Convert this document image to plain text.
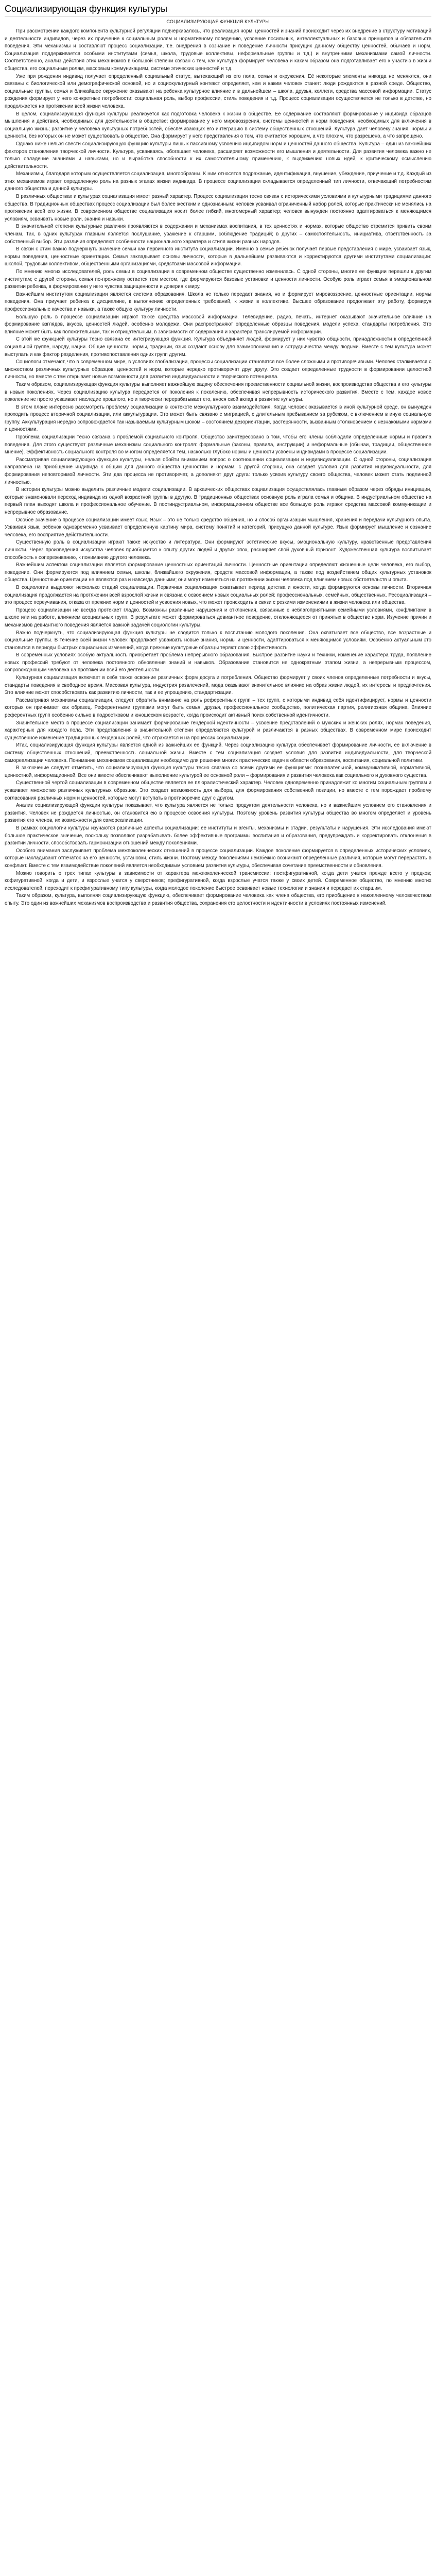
Социализирующая функция культуры
СОЦИАЛИЗИРУЮЩАЯ ФУНКЦИЯ КУЛЬТУРЫ

При рассмотрении каждого компонента культурной регуляции подчеркивалось, что реализация норм, ценностей и знаний происходит через их внедрение в структуру мотиваций и деятельности индивидов, через их приучение к социальным ролям и нормативному поведению, усвоение посильных, интеллектуальных и базовых принципов и обязательств поведения. Эти механизмы и составляют процесс социализации, т.е. внедрения в сознание и поведение личности присущих данному обществу ценностей, обычаев и норм. Социализация поддерживается особыми институтами (семья, школа, трудовые коллективы, неформальные группы и т.д.) и внутренними механизмами самой личности. Соответственно, анализ действия этих механизмов в большой степени связан с тем, как культура формирует человека и каким образом она подготавливает его к участию в жизни общества, его социальным ролям, массовым коммуникациям, системе этических ценностей и т.д.

Уже при рождении индивид получает определенный социальный статус, вытекающий из его пола, семьи и окружения. Её некоторые элементы никогда не меняются, они связаны с биологической или демографической основой, но и социокультурный контекст определяет, кем и каким человек станет: люди рождаются в разной среде. Общество, социальные группы, семья и ближайшее окружение оказывают на ребенка культурное влияние и в дальнейшем – школа, друзья, коллеги, средства массовой информации. Статус рождения формирует у него конкретные потребности: социальная роль, выбор профессии, стиль поведения и т.д. Процесс социализации осуществляется не только в детстве, но продолжается на протяжении всей жизни человека.

В целом, социализирующая функция культуры реализуется как подготовка человека к жизни в обществе. Ее содержание составляют формирование у индивида образцов мышления и действия, необходимых для деятельности в обществе; формирование у него мировоззрения, системы ценностей и норм поведения, необходимых для включения в социальную жизнь; развитие у человека культурных потребностей, обеспечивающих его интеграцию в систему общественных отношений. Культура дает человеку знания, нормы и ценности, без которых он не может существовать в обществе. Она формирует у него представления о том, что считается хорошим, а что плохим, что разрешено, а что запрещено.

Однако ниже нельзя свести социализирующую функцию культуры лишь к пассивному усвоению индивидом норм и ценностей данного общества. Культура – один из важнейших факторов становления творческой личности. Культура, усваиваясь, обогащает человека, расширяет возможности его мышления и деятельности. Для развития человека важно не только овладение знаниями и навыками, но и выработка способности к их самостоятельному применению, к выдвижению новых идей, к критическому осмыслению действительности.

Механизмы, благодаря которым осуществляется социализация, многообразны. К ним относятся подражание, идентификация, внушение, убеждение, приучение и т.д. Каждый из этих механизмов играет определенную роль на разных этапах жизни индивида. В процессе социализации складывается определенный тип личности, отвечающий потребностям данного общества и данной культуры.

В различных обществах и культурах социализация имеет разный характер. Процесс социализации тесно связан с историческими условиями и культурными традициями данного общества. В традиционных обществах процесс социализации был более жестким и однозначным: человек усваивал ограниченный набор ролей, которые практически не менялись на протяжении всей его жизни. В современном обществе социализация носит более гибкий, многомерный характер; человек вынужден постоянно адаптироваться к меняющимся условиям, осваивать новые роли, знания и навыки.

В значительной степени культурные различия проявляются в содержании и механизмах воспитания, в тех ценностях и нормах, которые общество стремится привить своим членам. Так, в одних культурах главным является послушание, уважение к старшим, соблюдение традиций; в других – самостоятельность, инициатива, ответственность за собственный выбор. Эти различия определяют особенности национального характера и стиля жизни разных народов.

В связи с этим важно подчеркнуть значение семьи как первичного института социализации. Именно в семье ребенок получает первые представления о мире, усваивает язык, нормы поведения, ценностные ориентации. Семья закладывает основы личности, которые в дальнейшем развиваются и корректируются другими институтами социализации: школой, трудовым коллективом, общественными организациями, средствами массовой информации.

По мнению многих исследователей, роль семьи в социализации в современном обществе существенно изменилась. С одной стороны, многие ее функции перешли к другим институтам; с другой стороны, семья по-прежнему остается тем местом, где формируются базовые установки и ценности личности. Особую роль играет семья в эмоциональном развитии ребенка, в формировании у него чувства защищенности и доверия к миру.

Важнейшим институтом социализации является система образования. Школа не только передает знания, но и формирует мировоззрение, ценностные ориентации, нормы поведения. Она приучает ребенка к дисциплине, к выполнению определенных требований, к жизни в коллективе. Высшее образование продолжает эту работу, формируя профессиональные качества и навыки, а также общую культуру личности.

Большую роль в процессе социализации играют также средства массовой информации. Телевидение, радио, печать, интернет оказывают значительное влияние на формирование взглядов, вкусов, ценностей людей, особенно молодежи. Они распространяют определенные образцы поведения, модели успеха, стандарты потребления. Это влияние может быть как положительным, так и отрицательным, в зависимости от содержания и характера транслируемой информации.

С этой же функцией культуры тесно связана ее интегрирующая функция. Культура объединяет людей, формирует у них чувство общности, принадлежности к определенной социальной группе, народу, нации. Общие ценности, нормы, традиции, язык создают основу для взаимопонимания и сотрудничества между людьми. Вместе с тем культура может выступать и как фактор разделения, противопоставления одних групп другим.

Социологи отмечают, что в современном мире, в условиях глобализации, процессы социализации становятся все более сложными и противоречивыми. Человек сталкивается с множеством различных культурных образцов, ценностей и норм, которые нередко противоречат друг другу. Это создает определенные трудности в формировании целостной личности, но вместе с тем открывает новые возможности для развития индивидуальности и творческого потенциала.

Таким образом, социализирующая функция культуры выполняет важнейшую задачу обеспечения преемственности социальной жизни, воспроизводства общества и его культуры в новых поколениях. Через социализацию культура передается от поколения к поколению, обеспечивая непрерывность исторического развития. Вместе с тем, каждое новое поколение не просто усваивает наследие прошлого, но и творчески перерабатывает его, внося свой вклад в развитие культуры.

В этом плане интересно рассмотреть проблему социализации в контексте межкультурного взаимодействия. Когда человек оказывается в иной культурной среде, он вынужден проходить процесс вторичной социализации, или аккультурации. Это может быть связано с миграцией, с длительным пребыванием за рубежом, с включением в иную социальную группу. Аккультурация нередко сопровождается так называемым культурным шоком – состоянием дезориентации, растерянности, вызванным столкновением с незнакомыми нормами и ценностями.

Проблема социализации тесно связана с проблемой социального контроля. Общество заинтересовано в том, чтобы его члены соблюдали определенные нормы и правила поведения. Для этого существуют различные механизмы социального контроля: формальные (законы, правила, инструкции) и неформальные (обычаи, традиции, общественное мнение). Эффективность социального контроля во многом определяется тем, насколько глубоко нормы и ценности усвоены индивидами в процессе социализации.

Рассматривая социализирующую функцию культуры, нельзя обойти вниманием вопрос о соотношении социализации и индивидуализации. С одной стороны, социализация направлена на приобщение индивида к общим для данного общества ценностям и нормам; с другой стороны, она создает условия для развития индивидуальности, для формирования неповторимой личности. Эти два процесса не противоречат, а дополняют друг друга: только усвоив культуру своего общества, человек может стать подлинной личностью.

В истории культуры можно выделить различные модели социализации. В архаических обществах социализация осуществлялась главным образом через обряды инициации, которые знаменовали переход индивида из одной возрастной группы в другую. В традиционных обществах основную роль играла семья и община. В индустриальном обществе на первый план выходят школа и профессиональное обучение. В постиндустриальном, информационном обществе все большую роль играют средства массовой коммуникации и непрерывное образование.

Особое значение в процессе социализации имеет язык. Язык – это не только средство общения, но и способ организации мышления, хранения и передачи культурного опыта. Усваивая язык, ребенок одновременно усваивает определенную картину мира, систему понятий и категорий, присущую данной культуре. Язык формирует мышление и сознание человека, его восприятие действительности.

Существенную роль в социализации играют также искусство и литература. Они формируют эстетические вкусы, эмоциональную культуру, нравственные представления личности. Через произведения искусства человек приобщается к опыту других людей и других эпох, расширяет свой духовный горизонт. Художественная культура воспитывает способность к сопереживанию, к пониманию другого человека.

Важнейшим аспектом социализации является формирование ценностных ориентаций личности. Ценностные ориентации определяют жизненные цели человека, его выбор, поведение. Они формируются под влиянием семьи, школы, ближайшего окружения, средств массовой информации, а также под воздействием общих культурных установок общества. Ценностные ориентации не являются раз и навсегда данными; они могут изменяться на протяжении жизни человека под влиянием новых обстоятельств и опыта.

В социологии выделяют несколько стадий социализации. Первичная социализация охватывает период детства и юности, когда формируются основы личности. Вторичная социализация продолжается на протяжении всей взрослой жизни и связана с освоением новых социальных ролей: профессиональных, семейных, общественных. Ресоциализация – это процесс переучивания, отказа от прежних норм и ценностей и усвоения новых, что может происходить в связи с резкими изменениями в жизни человека или общества.

Процесс социализации не всегда протекает гладко. Возможны различные нарушения и отклонения, связанные с неблагоприятными семейными условиями, конфликтами в школе или на работе, влиянием асоциальных групп. В результате может формироваться девиантное поведение, отклоняющееся от принятых в обществе норм. Изучение причин и механизмов девиантного поведения является важной задачей социологии культуры.

Важно подчеркнуть, что социализирующая функция культуры не сводится только к воспитанию молодого поколения. Она охватывает все общество, все возрастные и социальные группы. В течение всей жизни человек продолжает усваивать новые знания, нормы и ценности, адаптироваться к меняющимся условиям. Особенно актуальным это становится в периоды быстрых социальных изменений, когда прежние культурные образцы теряют свою эффективность.

В современных условиях особую актуальность приобретает проблема непрерывного образования. Быстрое развитие науки и техники, изменение характера труда, появление новых профессий требуют от человека постоянного обновления знаний и навыков. Образование становится не однократным этапом жизни, а непрерывным процессом, сопровождающим человека на протяжении всей его деятельности.

Культурная социализация включает в себя также освоение различных форм досуга и потребления. Общество формирует у своих членов определенные потребности и вкусы, стандарты поведения в свободное время. Массовая культура, индустрия развлечений, мода оказывают значительное влияние на образ жизни людей, их интересы и предпочтения. Это влияние может способствовать как развитию личности, так и ее упрощению, стандартизации.

Рассматривая механизмы социализации, следует обратить внимание на роль референтных групп – тех групп, с которыми индивид себя идентифицирует, нормы и ценности которых он принимает как образец. Референтными группами могут быть семья, друзья, профессиональное сообщество, политическая партия, религиозная община. Влияние референтных групп особенно сильно в подростковом и юношеском возрасте, когда происходит активный поиск собственной идентичности.

Значительное место в процессе социализации занимает формирование гендерной идентичности – усвоение представлений о мужских и женских ролях, нормах поведения, характерных для каждого пола. Эти представления в значительной степени определяются культурой и различаются в разных обществах. В современном мире происходит существенное изменение традиционных гендерных ролей, что отражается и на процессах социализации.

Итак, социализирующая функция культуры является одной из важнейших ее функций. Через социализацию культура обеспечивает формирование личности, ее включение в систему общественных отношений, преемственность социальной жизни. Вместе с тем социализация создает условия для развития индивидуальности, для творческой самореализации человека. Понимание механизмов социализации необходимо для решения многих практических задач в области образования, воспитания, социальной политики.

В заключение следует отметить, что социализирующая функция культуры тесно связана со всеми другими ее функциями: познавательной, коммуникативной, нормативной, ценностной, информационной. Все они вместе обеспечивают выполнение культурой ее основной роли – формирования и развития человека как социального и духовного существа.

Существенной чертой социализации в современном обществе является ее плюралистический характер. Человек одновременно принадлежит ко многим социальным группам и усваивает множество различных культурных образцов. Это создает возможность для выбора, для формирования собственной позиции, но вместе с тем порождает проблему согласования различных норм и ценностей, которые могут вступать в противоречие друг с другом.

Анализ социализирующей функции культуры показывает, что культура является не только продуктом деятельности человека, но и важнейшим условием его становления и развития. Человек не рождается личностью, он становится ею в процессе освоения культуры. Поэтому уровень развития культуры общества во многом определяет и уровень развития его членов, их возможности для самореализации.

В рамках социологии культуры изучаются различные аспекты социализации: ее институты и агенты, механизмы и стадии, результаты и нарушения. Эти исследования имеют большое практическое значение, поскольку позволяют разрабатывать более эффективные программы воспитания и образования, предупреждать и корректировать отклонения в развитии личности, способствовать гармонизации отношений между поколениями.

Особого внимания заслуживает проблема межпоколенческих отношений в процессе социализации. Каждое поколение формируется в определенных исторических условиях, которые накладывают отпечаток на его ценности, установки, стиль жизни. Поэтому между поколениями неизбежно возникают определенные различия, которые могут перерастать в конфликт. Вместе с тем взаимодействие поколений является необходимым условием развития культуры, обеспечивая сочетание преемственности и обновления.

Можно говорить о трех типах культуры в зависимости от характера межпоколенческой трансмиссии: постфигуративной, когда дети учатся прежде всего у предков; кофигуративной, когда и дети, и взрослые учатся у сверстников; префигуративной, когда взрослые учатся также у своих детей. Современное общество, по мнению многих исследователей, переходит к префигуративному типу культуры, когда молодое поколение быстрее осваивает новые технологии и знания и передает их старшим.

Таким образом, культура, выполняя социализирующую функцию, обеспечивает формирование человека как члена общества, его приобщение к накопленному человечеством опыту. Это один из важнейших механизмов воспроизводства и развития общества, сохранения его целостности и идентичности в условиях постоянных изменений.
